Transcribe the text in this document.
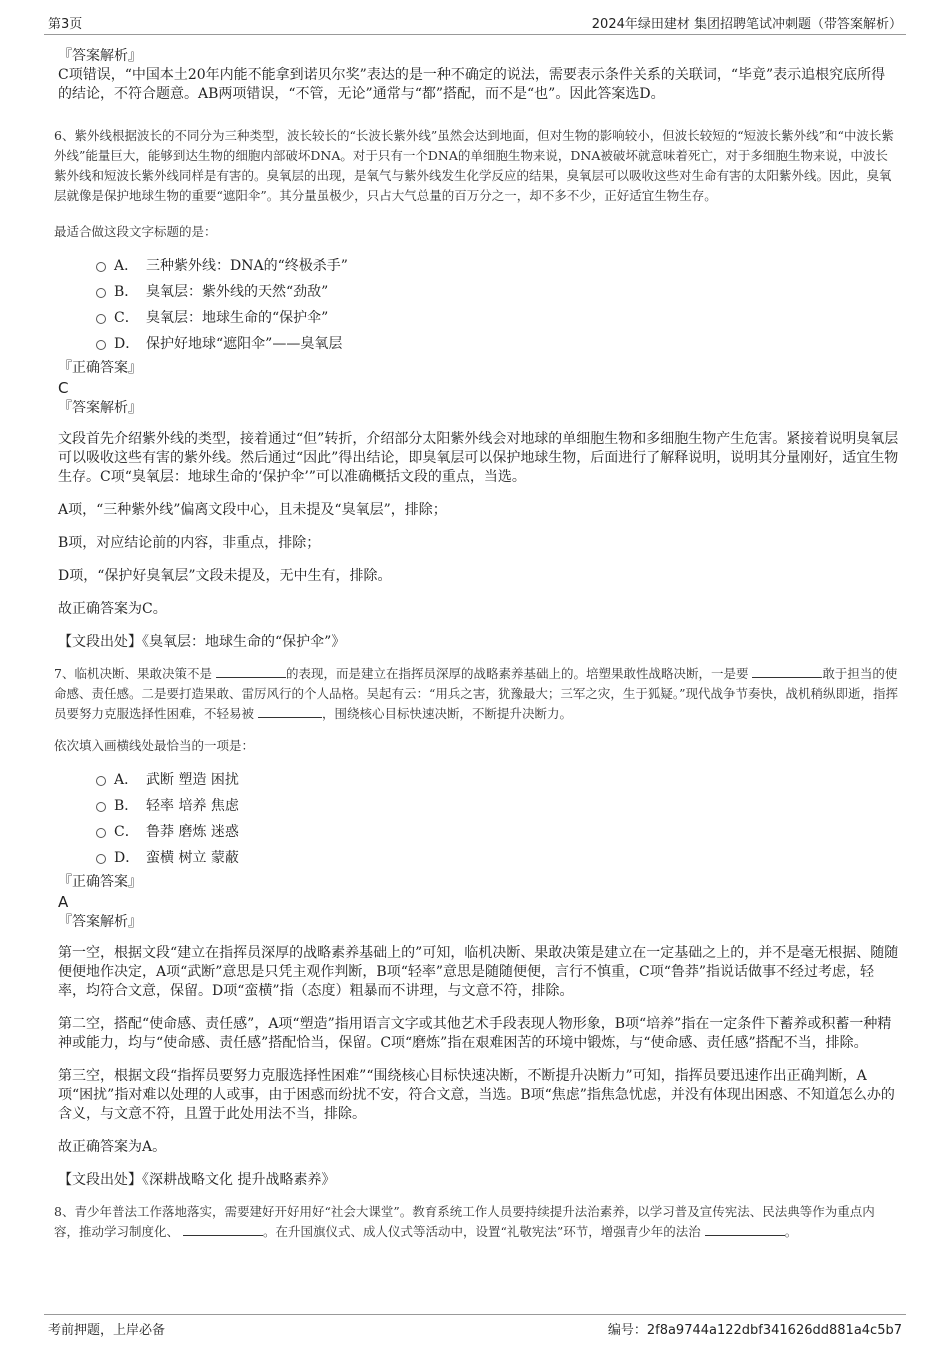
第3页	2024年绿田建材 集团招聘笔试冲刺题（带答案解析）
『答案解析』
C项错误，“中国本土20年内能不能拿到诺贝尔奖”表达的是一种不确定的说法，需要表示条件关系的关联词，“毕竟”表示追根究底所得的结论，不符合题意。AB两项错误，“不管，无论”通常与“都”搭配，而不是“也”。因此答案选D。
6、紫外线根据波长的不同分为三种类型，波长较长的“长波长紫外线”虽然会达到地面，但对生物的影响较小，但波长较短的“短波长紫外线”和“中波长紫外线”能量巨大，能够到达生物的细胞内部破坏DNA。对于只有一个DNA的单细胞生物来说，DNA被破坏就意味着死亡，对于多细胞生物来说，中波长紫外线和短波长紫外线同样是有害的。臭氧层的出现，是氧气与紫外线发生化学反应的结果，臭氧层可以吸收这些对生命有害的太阳紫外线。因此，臭氧层就像是保护地球生物的重要“遮阳伞”。其分量虽极少，只占大气总量的百万分之一，却不多不少，正好适宜生物生存。
最适合做这段文字标题的是：
A． 三种紫外线：DNA的“终极杀手”
B． 臭氧层：紫外线的天然“劲敌”
C． 臭氧层：地球生命的“保护伞”
D． 保护好地球“遮阳伞”——臭氧层
『正确答案』
C
『答案解析』
文段首先介绍紫外线的类型，接着通过“但”转折，介绍部分太阳紫外线会对地球的单细胞生物和多细胞生物产生危害。紧接着说明臭氧层可以吸收这些有害的紫外线。然后通过“因此”得出结论，即臭氧层可以保护地球生物，后面进行了解释说明，说明其分量刚好，适宜生物生存。C项“臭氧层：地球生命的‘保护伞’”可以准确概括文段的重点，当选。
A项，“三种紫外线”偏离文段中心，且未提及“臭氧层”，排除；
B项，对应结论前的内容，非重点，排除；
D项，“保护好臭氧层”文段未提及，无中生有，排除。
故正确答案为C。
【文段出处】《臭氧层：地球生命的“保护伞”》
7、临机决断、果敢决策不是	的表现，而是建立在指挥员深厚的战略素养基础上的。培塑果敢性战略决断，一是要	敢于担当的使命感、责任感。二是要打造果敢、雷厉风行的个人品格。吴起有云：“用兵之害，犹豫最大；三军之灾，生于狐疑。”现代战争节奏快，战机稍纵即逝，指挥员要努力克服选择性困难，不轻易被	，围绕核心目标快速决断，不断提升决断力。
依次填入画横线处最恰当的一项是：
A． 武断 塑造 困扰
B． 轻率 培养 焦虑
C． 鲁莽 磨炼 迷惑
D． 蛮横 树立 蒙蔽
『正确答案』
A
『答案解析』
第一空，根据文段“建立在指挥员深厚的战略素养基础上的”可知，临机决断、果敢决策是建立在一定基础之上的，并不是毫无根据、随随便便地作决定，A项“武断”意思是只凭主观作判断，B项“轻率”意思是随随便便，言行不慎重，C项“鲁莽”指说话做事不经过考虑，轻率，均符合文意，保留。D项“蛮横”指（态度）粗暴而不讲理，与文意不符，排除。
第二空，搭配“使命感、责任感”，A项“塑造”指用语言文字或其他艺术手段表现人物形象，B项“培养”指在一定条件下蓄养或积蓄一种精神或能力，均与“使命感、责任感”搭配恰当，保留。C项“磨炼”指在艰难困苦的环境中锻炼，与“使命感、责任感”搭配不当，排除。
第三空，根据文段“指挥员要努力克服选择性困难”“围绕核心目标快速决断，不断提升决断力”可知，指挥员要迅速作出正确判断，A项“困扰”指对难以处理的人或事，由于困惑而纷扰不安，符合文意，当选。B项“焦虑”指焦急忧虑，并没有体现出困惑、不知道怎么办的含义，与文意不符，且置于此处用法不当，排除。
故正确答案为A。
【文段出处】《深耕战略文化 提升战略素养》
8、青少年普法工作落地落实，需要建好开好用好“社会大课堂”。教育系统工作人员要持续提升法治素养，以学习普及宣传宪法、民法典等作为重点内容，推动学习制度化、	。在升国旗仪式、成人仪式等活动中，设置“礼敬宪法”环节，增强青少年的法治	。
考前押题，上岸必备	编号：2f8a9744a122dbf341626dd881a4c5b7
